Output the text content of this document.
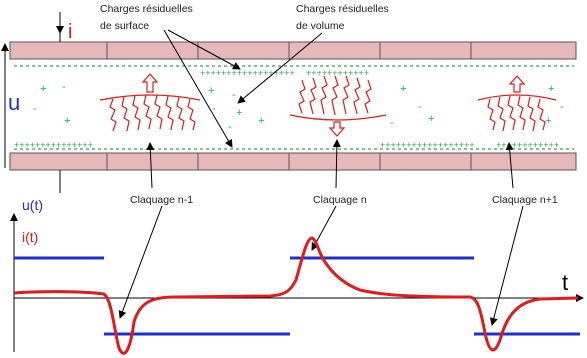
i
u
++++++++++++++++++ ++++++++++++
+++++++++++++++	++++++++++++++++++ ++++++++++++
+ -
-
+
+ -
- +
+
-
+
-
-	+
+
-
+
Charges résiduelles
de surface
Charges résiduelles
de volume
Claquage n-1	Claquage n	Claquage n+1
u(t)
i(t)
t
